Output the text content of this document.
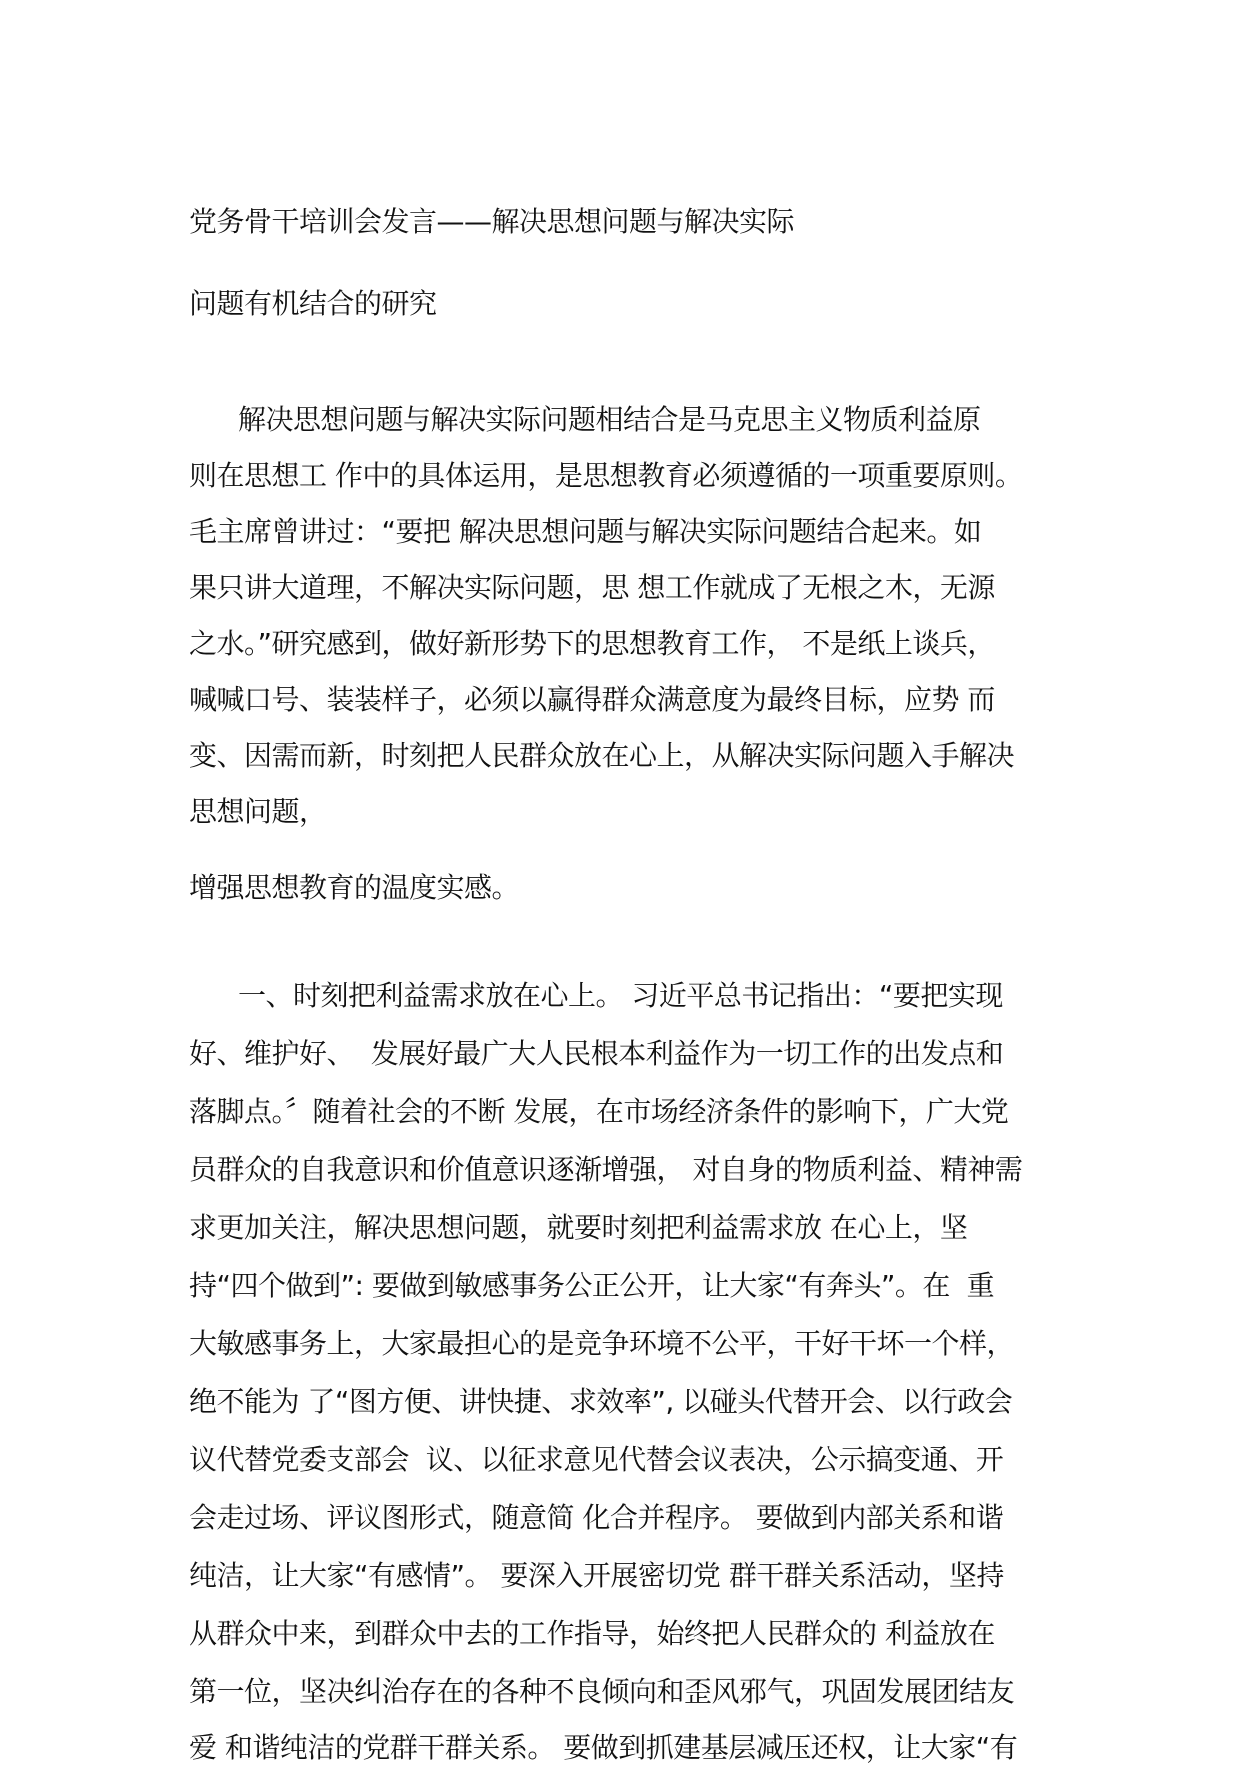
党务骨干培训会发言——解决思想问题与解决实际

问题有机结合的研究

解决思想问题与解决实际问题相结合是马克思主义物质利益原

则在思想工 作中的具体运用，是思想教育必须遵循的一项重要原则。

毛主席曾讲过：“要把 解决思想问题与解决实际问题结合起来。如

果只讲大道理，不解决实际问题，思 想工作就成了无根之木，无源

之水。”研究感到，做好新形势下的思想教育工作， 不是纸上谈兵，

喊喊口号、装装样子，必须以赢得群众满意度为最终目标，应势 而

变、因需而新，时刻把人民群众放在心上，从解决实际问题入手解决

思想问题，

增强思想教育的温度实感。

一、时刻把利益需求放在心上。 习近平总书记指出：“要把实现

好、维护好、  发展好最广大人民根本利益作为一切工作的出发点和

落脚点。〞随着社会的不断 发展，在市场经济条件的影响下，广大党

员群众的自我意识和价值意识逐渐增强， 对自身的物质利益、精神需

求更加关注，解决思想问题，就要时刻把利益需求放 在心上，坚

持“四个做到”: 要做到敏感事务公正公开，让大家“有奔头”。在  重

大敏感事务上，大家最担心的是竞争环境不公平，干好干坏一个样，

绝不能为 了“图方便、讲快捷、求效率”, 以碰头代替开会、以行政会

议代替党委支部会  议、以征求意见代替会议表决，公示搞变通、开

会走过场、评议图形式，随意简 化合并程序。 要做到内部关系和谐

纯洁，让大家“有感情”。 要深入开展密切党 群干群关系活动，坚持

从群众中来，到群众中去的工作指导，始终把人民群众的 利益放在

第一位，坚决纠治存在的各种不良倾向和歪风邪气，巩固发展团结友

爱 和谐纯洁的党群干群关系。 要做到抓建基层减压还权，让大家“有
